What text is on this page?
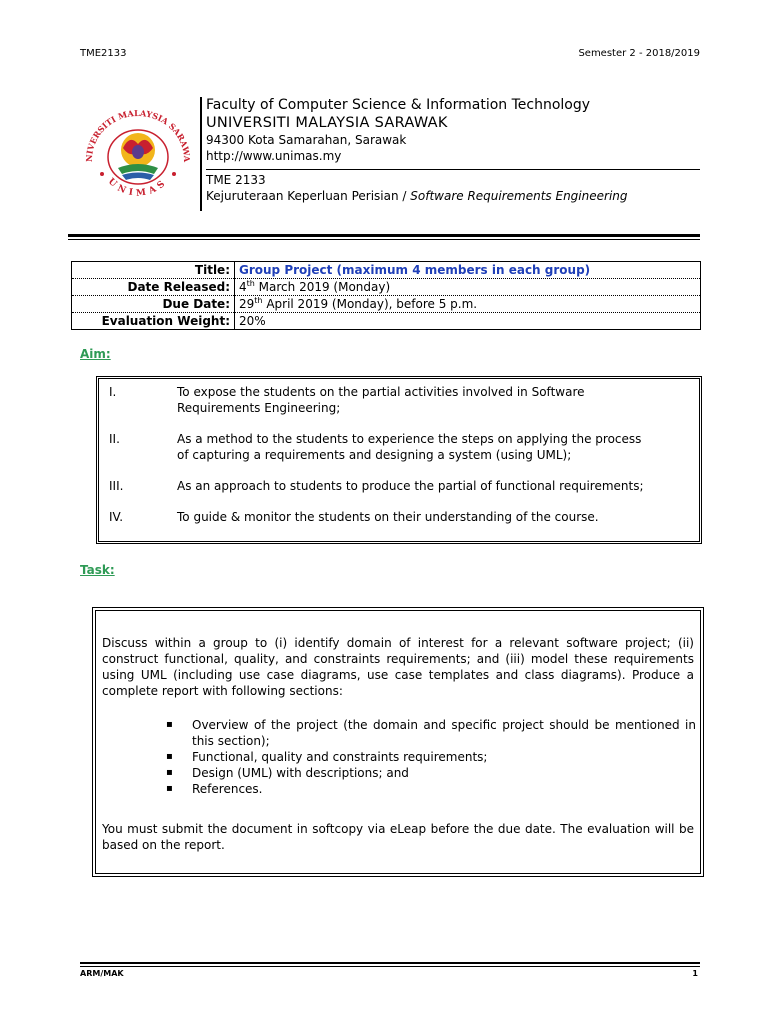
TME2133	Semester 2 - 2018/2019
NIVERSITI MALAYSIA SARAWA
UNIMAS
Faculty of Computer Science & Information Technology
UNIVERSITI MALAYSIA SARAWAK
94300 Kota Samarahan, Sarawak
http://www.unimas.my
TME 2133
Kejuruteraan Keperluan Perisian / Software Requirements Engineering
Title:	Group Project (maximum 4 members in each group)
Date Released:	4th March 2019 (Monday)
Due Date:	29th April 2019 (Monday), before 5 p.m.
Evaluation Weight:	20%
Aim:
I.	To expose the students on the partial activities involved in Software Requirements Engineering;
II.	As a method to the students to experience the steps on applying the process of capturing a requirements and designing a system (using UML);
III.	As an approach to students to produce the partial of functional requirements;
IV.	To guide & monitor the students on their understanding of the course.
Task:
Discuss within a group to (i) identify domain of interest for a relevant software project; (ii) construct functional, quality, and constraints requirements; and (iii) model these requirements using UML (including use case diagrams, use case templates and class diagrams). Produce a complete report with following sections:
▪ Overview of the project (the domain and specific project should be mentioned in this section);
▪ Functional, quality and constraints requirements;
▪ Design (UML) with descriptions; and
▪ References.
You must submit the document in softcopy via eLeap before the due date. The evaluation will be based on the report.
ARM/MAK	1
